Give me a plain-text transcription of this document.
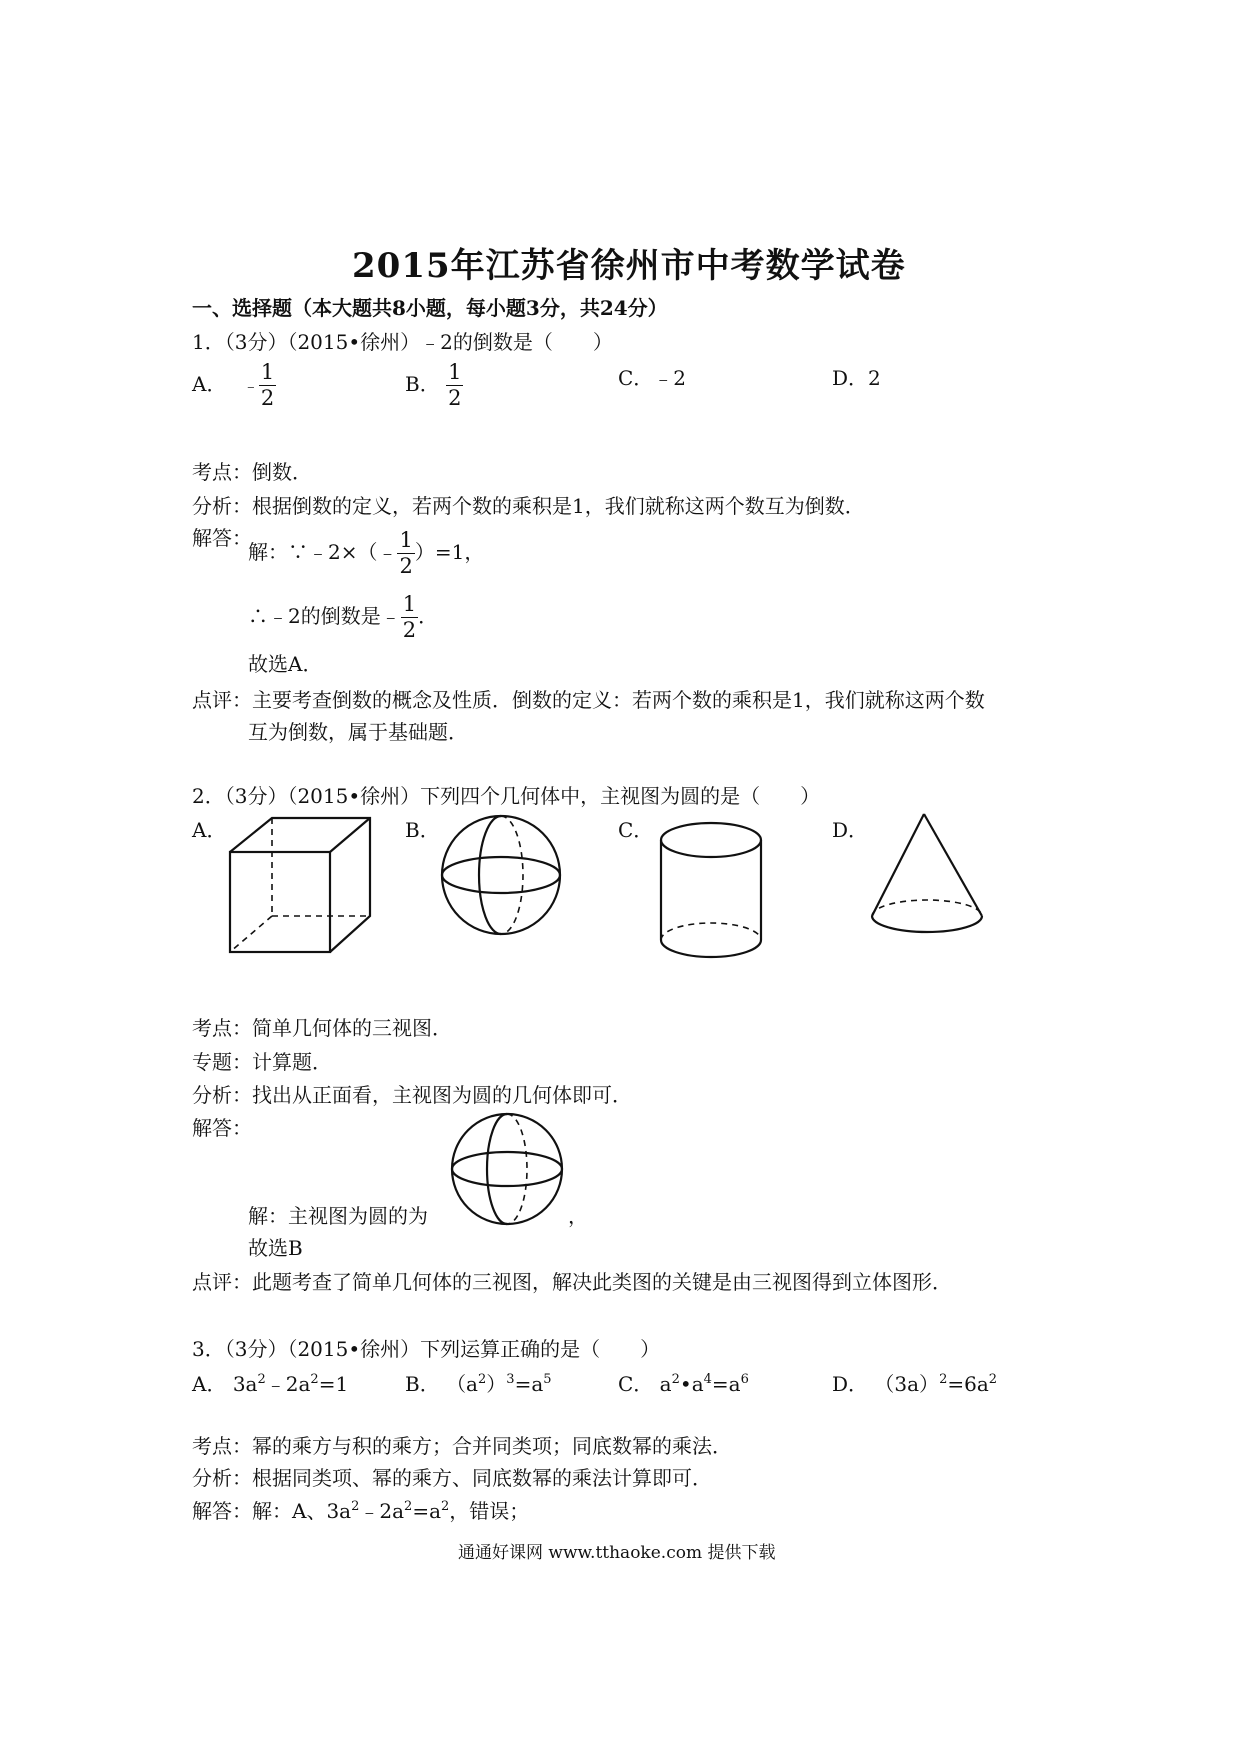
2015年江苏省徐州市中考数学试卷
一、选择题（本大题共8小题，每小题3分，共24分）
1．（3分）（2015•徐州）﹣2的倒数是（　　）
A． ﹣ $\frac{1}{2}$	B． $\frac{1}{2}$	C．﹣2	D．2
考点：倒数．
分析：根据倒数的定义，若两个数的乘积是1，我们就称这两个数互为倒数．
解答：
解：∵﹣2×（﹣ $\frac{1}{2} )=1$，
∴﹣2的倒数是﹣ $\frac{1}{2}$ ．
故选A．
点评：主要考查倒数的概念及性质．倒数的定义：若两个数的乘积是1，我们就称这两个数
互为倒数，属于基础题．
2．（3分）（2015•徐州）下列四个几何体中，主视图为圆的是（　　）
A．	B．	C．	D．
考点：简单几何体的三视图．
专题：计算题．
分析：找出从正面看，主视图为圆的几何体即可．
解答：
解：主视图为圆的为	，
故选B
点评：此题考查了简单几何体的三视图，解决此类图的关键是由三视图得到立体图形．
3．（3分）（2015•徐州）下列运算正确的是（　　）
A． $3a^2﹣2a^2=1$	B． $(a^2)^3=a^5$	C． $a^2•a^4=a^6$	D． $(3a)^2=6a^2$
考点：幂的乘方与积的乘方；合并同类项；同底数幂的乘法．
分析：根据同类项、幂的乘方、同底数幂的乘法计算即可．
解答：解：A、$3a^2﹣2a^2=a^2$，错误；
通通好课网 www.tthaoke.com 提供下载
